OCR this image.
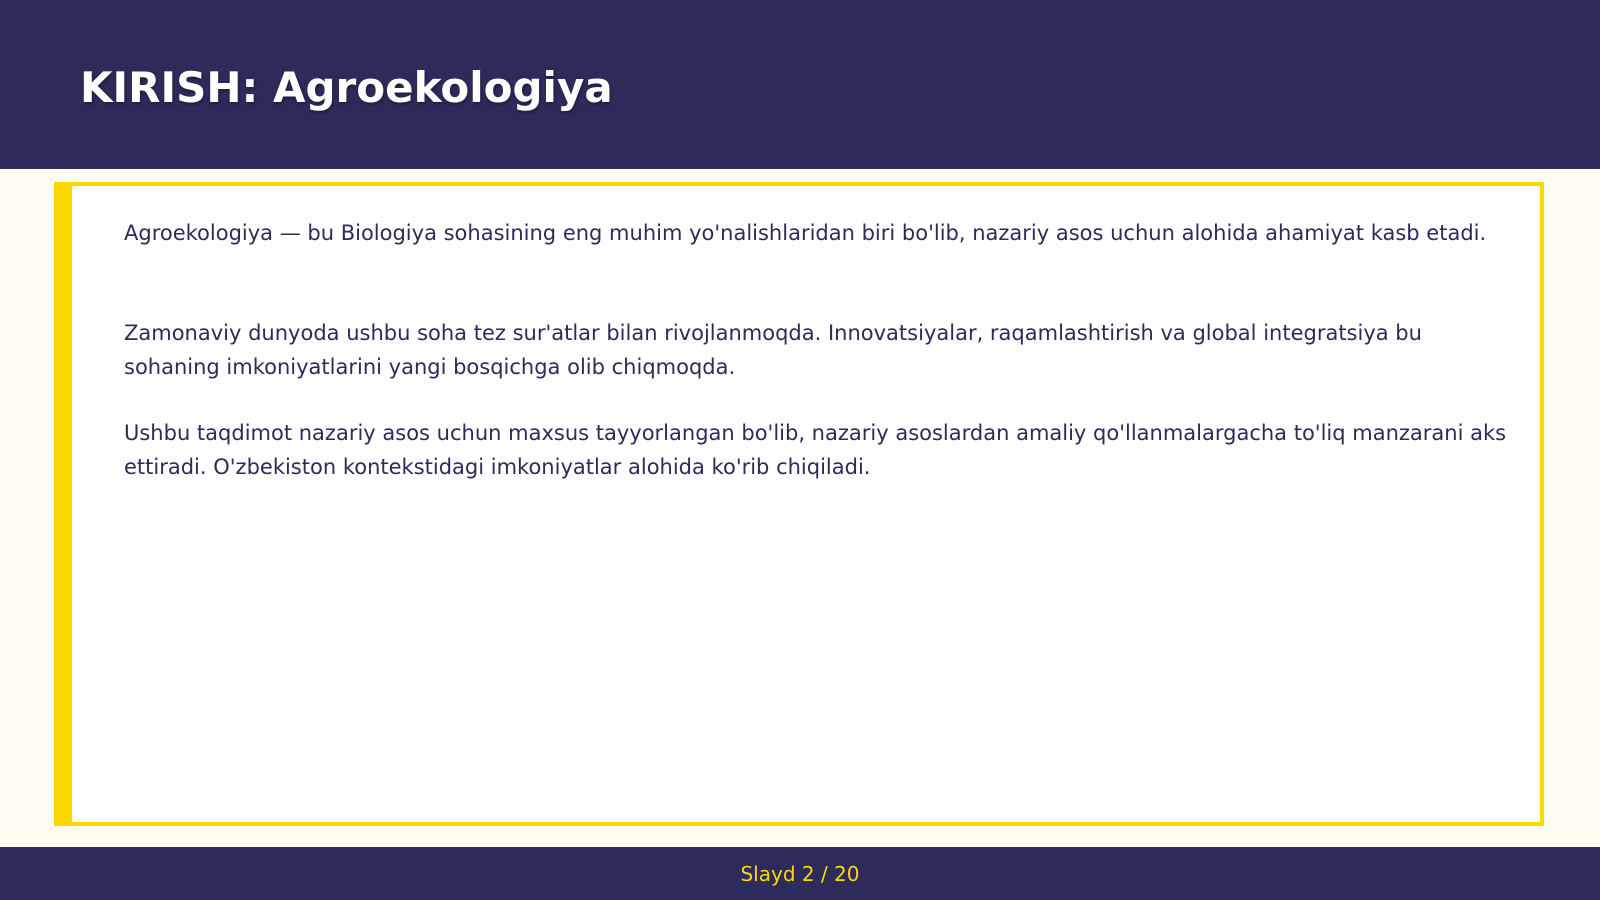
KIRISH: Agroekologiya

Agroekologiya — bu Biologiya sohasining eng muhim yo'nalishlaridan biri bo'lib, nazariy asos uchun alohida ahamiyat kasb etadi.

Zamonaviy dunyoda ushbu soha tez sur'atlar bilan rivojlanmoqda. Innovatsiyalar, raqamlashtirish va global integratsiya bu sohaning imkoniyatlarini yangi bosqichga olib chiqmoqda.

Ushbu taqdimot nazariy asos uchun maxsus tayyorlangan bo'lib, nazariy asoslardan amaliy qo'llanmalargacha to'liq manzarani aks ettiradi. O'zbekiston kontekstidagi imkoniyatlar alohida ko'rib chiqiladi.

Slayd 2 / 20
